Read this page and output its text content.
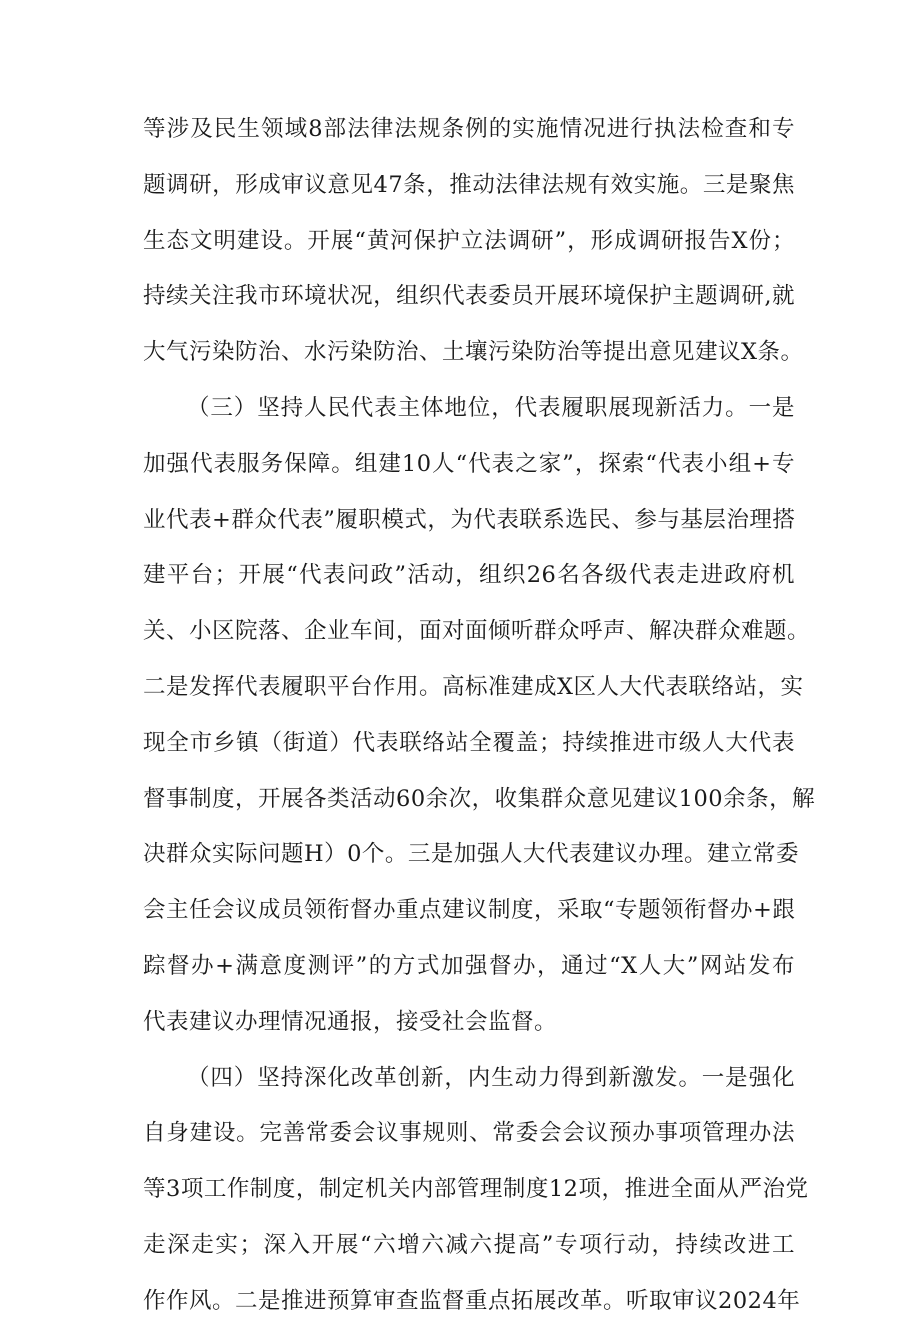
等涉及民生领域8部法律法规条例的实施情况进行执法检查和专
题调研，形成审议意见47条，推动法律法规有效实施。三是聚焦
生态文明建设。开展“黄河保护立法调研”，形成调研报告X份；
持续关注我市环境状况，组织代表委员开展环境保护主题调研,就
大气污染防治、水污染防治、土壤污染防治等提出意见建议X条。
（三）坚持人民代表主体地位，代表履职展现新活力。一是
加强代表服务保障。组建10人“代表之家”，探索“代表小组+专
业代表+群众代表”履职模式，为代表联系选民、参与基层治理搭
建平台；开展“代表问政”活动，组织26名各级代表走进政府机
关、小区院落、企业车间，面对面倾听群众呼声、解决群众难题。
二是发挥代表履职平台作用。高标准建成X区人大代表联络站，实
现全市乡镇（街道）代表联络站全覆盖；持续推进市级人大代表
督事制度，开展各类活动60余次，收集群众意见建议100余条，解
决群众实际问题H）0个。三是加强人大代表建议办理。建立常委
会主任会议成员领衔督办重点建议制度，采取“专题领衔督办+跟
踪督办+满意度测评”的方式加强督办，通过“X人大”网站发布
代表建议办理情况通报，接受社会监督。
（四）坚持深化改革创新，内生动力得到新激发。一是强化
自身建设。完善常委会议事规则、常委会会议预办事项管理办法
等3项工作制度，制定机关内部管理制度12项，推进全面从严治党
走深走实；深入开展“六增六减六提高”专项行动，持续改进工
作作风。二是推进预算审查监督重点拓展改革。听取审议2024年
